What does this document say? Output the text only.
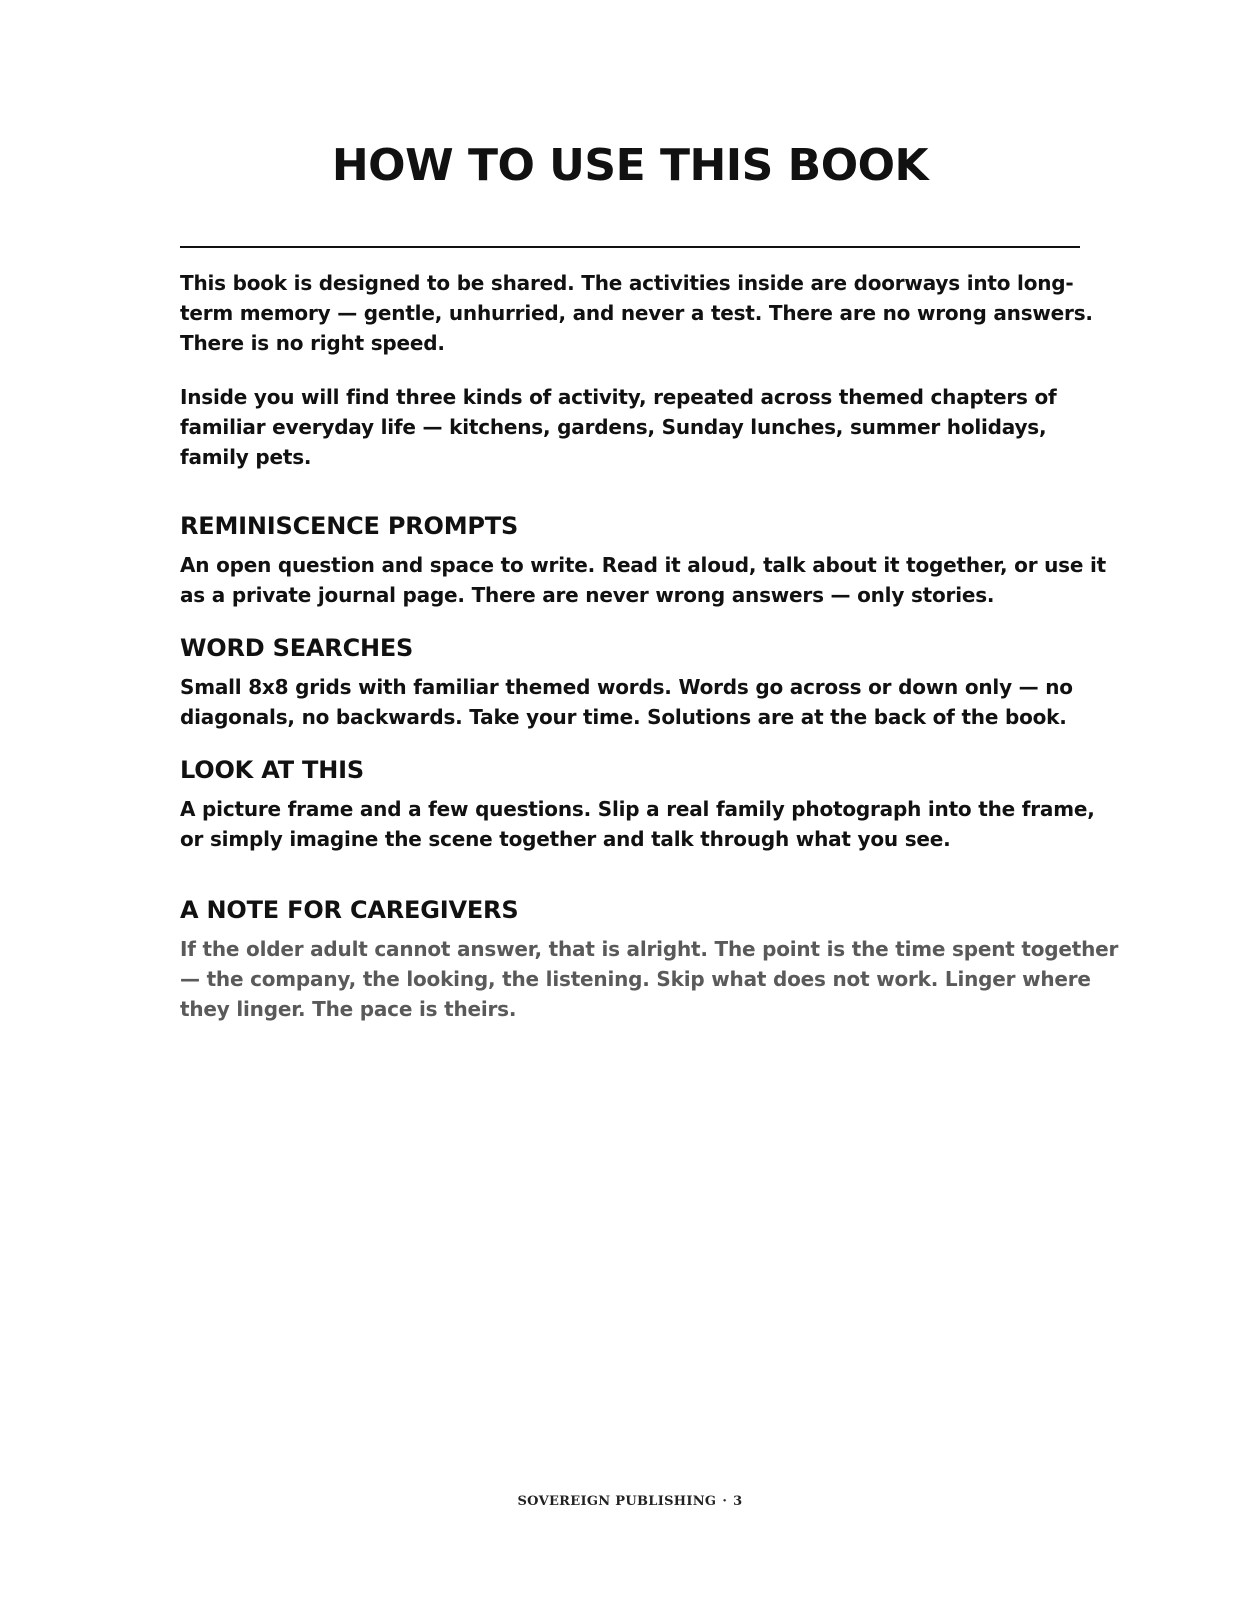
HOW TO USE THIS BOOK

This book is designed to be shared. The activities inside are doorways into long-term memory — gentle, unhurried, and never a test. There are no wrong answers. There is no right speed.

Inside you will find three kinds of activity, repeated across themed chapters of familiar everyday life — kitchens, gardens, Sunday lunches, summer holidays, family pets.

REMINISCENCE PROMPTS

An open question and space to write. Read it aloud, talk about it together, or use it as a private journal page. There are never wrong answers — only stories.

WORD SEARCHES

Small 8x8 grids with familiar themed words. Words go across or down only — no diagonals, no backwards. Take your time. Solutions are at the back of the book.

LOOK AT THIS

A picture frame and a few questions. Slip a real family photograph into the frame, or simply imagine the scene together and talk through what you see.

A NOTE FOR CAREGIVERS

If the older adult cannot answer, that is alright. The point is the time spent together — the company, the looking, the listening. Skip what does not work. Linger where they linger. The pace is theirs.

SOVEREIGN PUBLISHING · 3
